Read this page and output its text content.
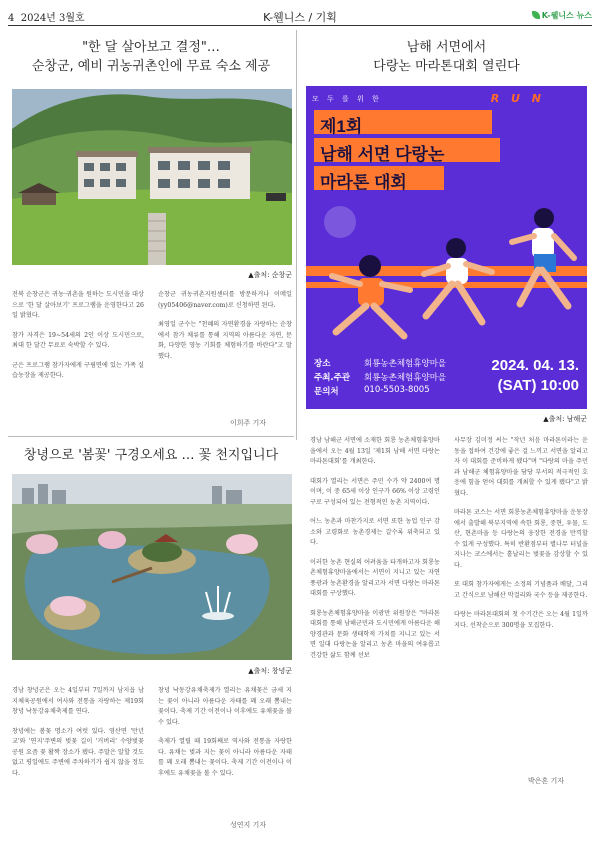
4 2024년 3월호	K-웰니스 / 기획	K-웰니스 뉴스
"한 달 살아보고 결정"…
순창군, 예비 귀농귀촌인에 무료 숙소 제공
▲출처: 순창군

전북 순창군은 귀농·귀촌을 원하는 도시민을 대상으로 '한 달 살아보기' 프로그램을 운영한다고 26일 밝혔다.

참가 자격은 19~54세의 2인 이상 도시민으로, 최대 한 달간 무료로 숙박할 수 있다.

군은 프로그램 참가자에게 구림면에 있는 가족 실습농장을 제공한다.

순창군 귀농귀촌지원센터를 방문하거나 이메일(yy05406@naver.com)로 신청하면 된다.

최영일 군수는 "천혜의 자연환경을 자랑하는 순창에서 참가 체류를 통해 지역의 아름다운 자연, 문화, 다양한 영농 기회를 체험하기를 바란다"고 말했다.

이희주 기자
창녕으로 '봄꽃' 구경오세요 … 꽃 천지입니다
▲출처: 창녕군

경남 창녕군은 오는 4일부터 7일까지 남지읍 남지체육공원에서 여사와 전통을 자랑하는 제19회 창녕 낙동강유채축제를 연다.

창녕에는 봄꽃 명소가 여럿 있다. 영산면 '만년교'와 '연지'주변의 벚꽃 길이 '거버리' 수양벚꽃 공원 요즘 꽃 활짝 장소가 됐다. 주말은 알할 것도 없고 평일에도 주변에 주차하기가 쉽지 않을 정도다.

창녕 낙동강유채축제가 열리는 유채꽃은 금세 지는 꽃이 아니라 아름다운 자태를 꽤 오래 뽐내는 꽃이다. 축제 기간 이전이나 이후에도 유채꽃을 볼 수 있다.

축제가 열릴 때 19회째로 역사와 전통을 자랑한다. 유채는 벚과 지는 꽃이 아니라 아름다운 자태를 꽤 오래 뽐내는 꽃이다. 축제 기간 이전이나 이후에도 유채꽃을 볼 수 있다.

성연지 기자
남해 서면에서
다랑논 마라톤대회 열린다
모 두 를 위 한	R U N
제1회
남해 서면 다랑논
마라톤 대회
장소	회룡농촌체험휴양마을
주최.주관 회룡농촌체험휴양마을
문의처	010-5503-8005
2024. 04. 13.
(SAT) 10:00
▲출처: 남해군

경남 남해군 서면에 소재한 회룡 농촌체험휴양마을에서 오는 4월 13일 '제1회 남해 서면 다랑논 마라톤대회'를 개최한다.

대회가 열리는 서면은 주민 수가 약 2400여 명 이며, 이 중 65세 이상 인구가 66% 이상 고령인구로 구성되어 있는 전형적인 농촌 지역이다.

어느 농촌과 마찬가지로 서면 또한 농업 인구 감소와 고령화로 농촌경제는 갈수록 위축되고 있다.

이러한 농촌 현실의 어려움을 타개하고자 회룡농촌체험휴양마을에서는 서면이 지니고 있는 자연풍광과 농촌환경을 알리고자 서면 다랑논 마라톤대회를 구상했다.

회룡농촌체험휴양마을 이광만 위원장은 "마라톤 대회를 통해 남해군민과 도시민에게 아름다운 해양경관과 문화 생태학적 가치를 지니고 있는 서면 일대 다랑논을 알리고 농촌 마을의 여유롭고 건강한 삶도 함께 선보

사무장 김미정 씨는 "작년 처음 마라톤이라는 운동을 접하여 건강에 좋은 걸 느끼고 서면을 알리고자 이 대회를 준비하게 됐다"며 "다랑의 마을 주민과 남해군 체험휴양마을 담당 부서의 적극적인 호응에 힘을 얻어 대회를 개최할 수 있게 됐다"고 밝혔다.

마라톤 코스는 서면 회룡농촌체험휴양마을 운동장에서 출발해 북부지역에 속한 회룡, 중현, 우물, 도산, 현촌마을 등 다랑논의 웅장한 전경을 만끽할 수 있게 구성했다. 특히 반환점부터 별나무 터널을 지나는 코스에서는 흩날리는 벚꽃을 감상할 수 있다.

또 대회 참가자에게는 소정의 기념품과 배달, 그리고 간식으로 남해산 막걸리와 국수 등을 제공한다.

다랑논 마라톤대회의 첫 수기간은 오는 4월 1일까지다. 선착순으로 300명을 모집한다.

박은혼 기자
